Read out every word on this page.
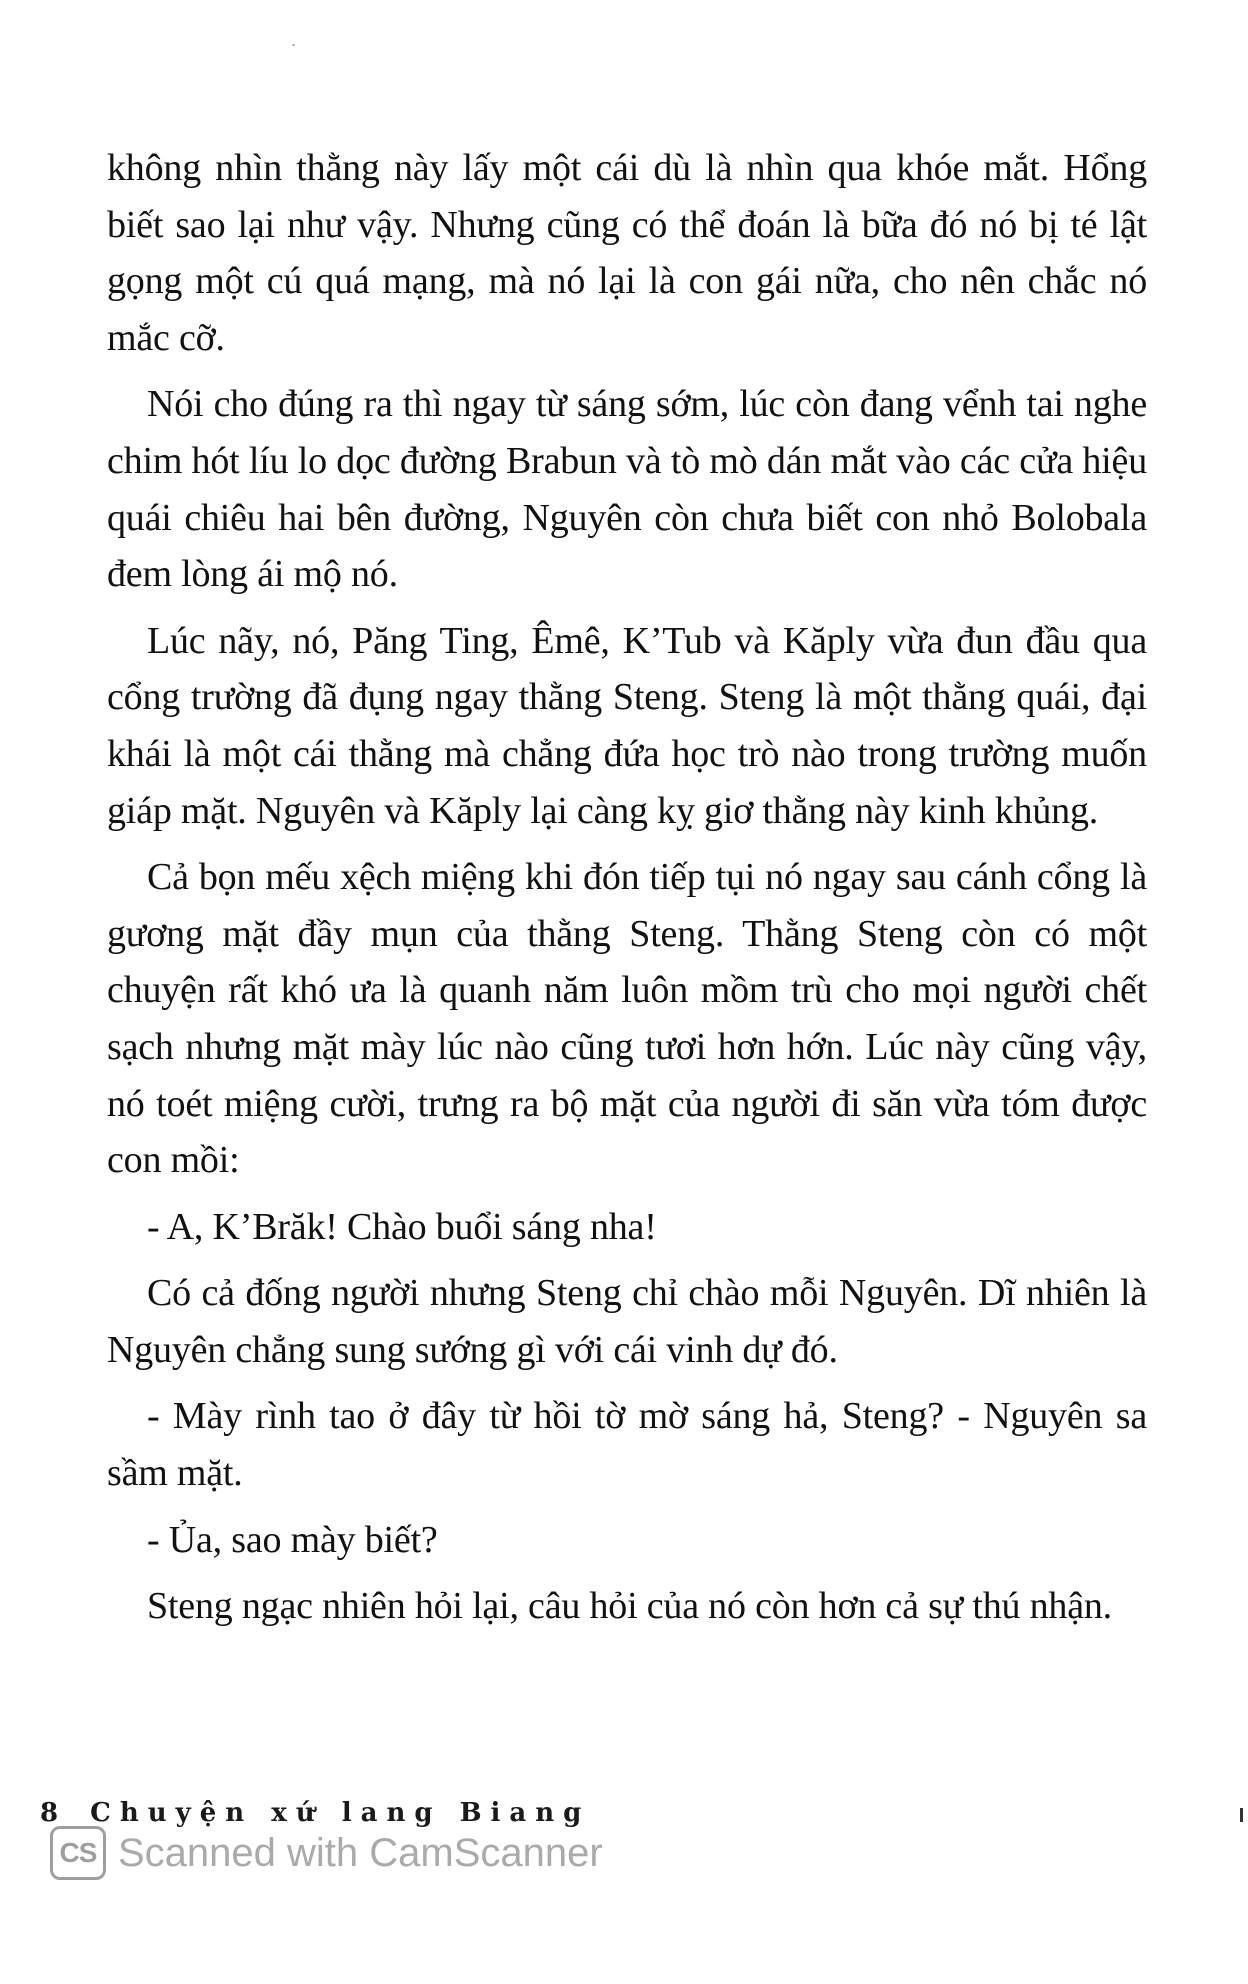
không nhìn thằng này lấy một cái dù là nhìn qua khóe mắt. Hổng biết sao lại như vậy. Nhưng cũng có thể đoán là bữa đó nó bị té lật gọng một cú quá mạng, mà nó lại là con gái nữa, cho nên chắc nó mắc cỡ.

Nói cho đúng ra thì ngay từ sáng sớm, lúc còn đang vểnh tai nghe chim hót líu lo dọc đường Brabun và tò mò dán mắt vào các cửa hiệu quái chiêu hai bên đường, Nguyên còn chưa biết con nhỏ Bolobala đem lòng ái mộ nó.

Lúc nãy, nó, Păng Ting, Êmê, K’Tub và Kăply vừa đun đầu qua cổng trường đã đụng ngay thằng Steng. Steng là một thằng quái, đại khái là một cái thằng mà chẳng đứa học trò nào trong trường muốn giáp mặt. Nguyên và Kăply lại càng kỵ giơ thằng này kinh khủng.

Cả bọn mếu xệch miệng khi đón tiếp tụi nó ngay sau cánh cổng là gương mặt đầy mụn của thằng Steng. Thằng Steng còn có một chuyện rất khó ưa là quanh năm luôn mồm trù cho mọi người chết sạch nhưng mặt mày lúc nào cũng tươi hơn hớn. Lúc này cũng vậy, nó toét miệng cười, trưng ra bộ mặt của người đi săn vừa tóm được con mồi:

- A, K’Brăk! Chào buổi sáng nha!

Có cả đống người nhưng Steng chỉ chào mỗi Nguyên. Dĩ nhiên là Nguyên chẳng sung sướng gì với cái vinh dự đó.

- Mày rình tao ở đây từ hồi tờ mờ sáng hả, Steng? - Nguyên sa sầm mặt.

- Ủa, sao mày biết?

Steng ngạc nhiên hỏi lại, câu hỏi của nó còn hơn cả sự thú nhận.

8 Chuyện xứ lang Biang
CS Scanned with CamScanner
